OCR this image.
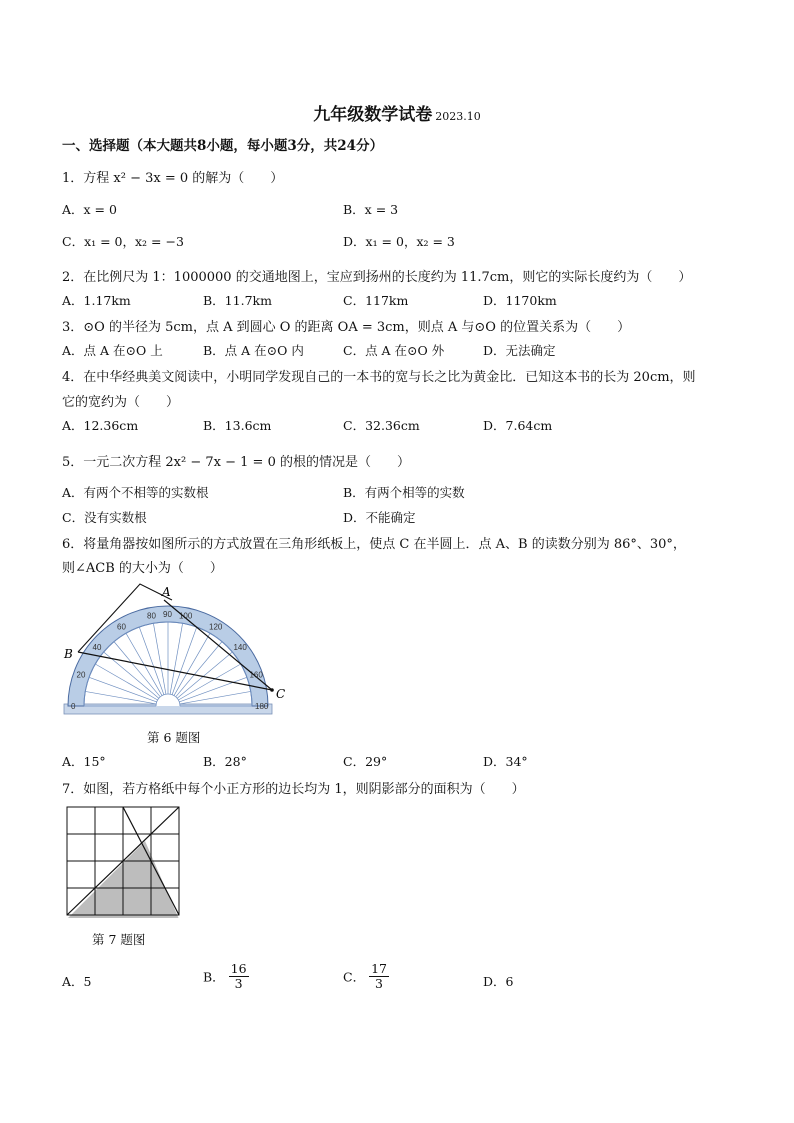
九年级数学试卷 2023.10
一、选择题（本大题共8小题，每小题3分，共24分）
1．方程 x² − 3x = 0 的解为（　　）
A．x = 0	B．x = 3
C．x₁ = 0，x₂ = −3	D．x₁ = 0，x₂ = 3
2．在比例尺为 1：1000000 的交通地图上，宝应到扬州的长度约为 11.7cm，则它的实际长度约为（　　）
A．1.17km	B．11.7km	C．117km	D．1170km
3．⊙O 的半径为 5cm，点 A 到圆心 O 的距离 OA = 3cm，则点 A 与⊙O 的位置关系为（　　）
A．点 A 在⊙O 上	B．点 A 在⊙O 内	C．点 A 在⊙O 外	D．无法确定
4．在中华经典美文阅读中，小明同学发现自己的一本书的宽与长之比为黄金比．已知这本书的长为 20cm，则
它的宽约为（　　）
A．12.36cm	B．13.6cm	C．32.36cm	D．7.64cm
5．一元二次方程 2x² − 7x − 1 = 0 的根的情况是（　　）
A．有两个不相等的实数根	B．有两个相等的实数
C．没有实数根	D．不能确定
6．将量角器按如图所示的方式放置在三角形纸板上，使点 C 在半圆上．点 A、B 的读数分别为 86°、30°，
则∠ACB 的大小为（　　）
0
20
40
60
80 90 100
120
140
160
180
A
B
C
第 6 题图
A．15°	B．28°	C．29°	D．34°
7．如图，若方格纸中每个小正方形的边长均为 1，则阴影部分的面积为（　　）
第 7 题图
A．5	B． $\frac{16}{3}$	C． $\frac{17}{3}$	D．6
